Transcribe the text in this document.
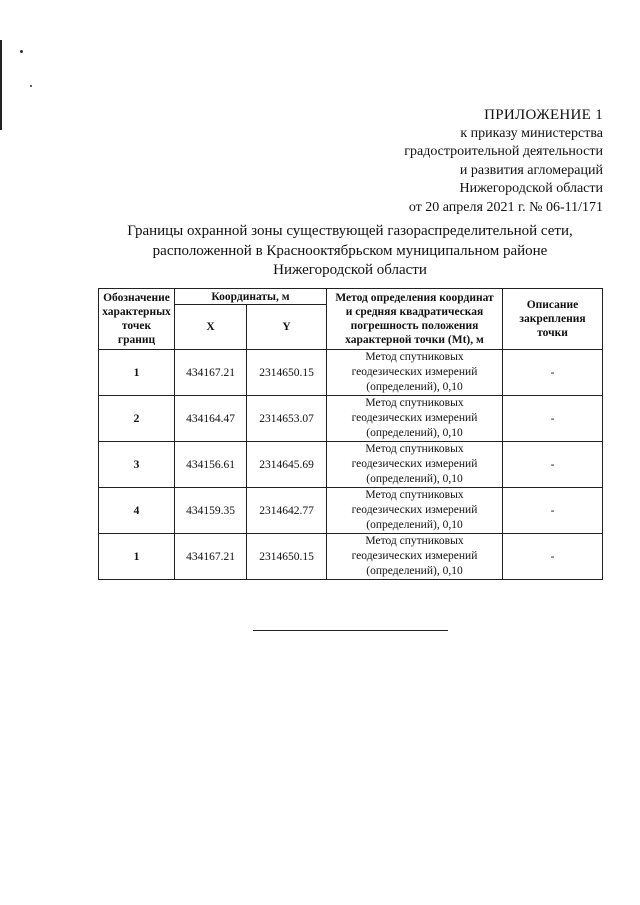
ПРИЛОЖЕНИЕ 1
к приказу министерства
градостроительной деятельности
и развития агломераций
Нижегородской области
от 20 апреля 2021 г. № 06-11/171
Границы охранной зоны существующей газораспределительной сети,
расположенной в Краснооктябрьском муниципальном районе
Нижегородской области
Обозначение
характерных
точек
границ	Координаты, м		Метод определения координат и средняя квадратическая погрешность положения характерной точки (Мt), м	Описание закрепления точки
	X	Y		
1	434167.21	2314650.15	Метод спутниковых
геодезических измерений
(определений), 0,10	-
2	434164.47	2314653.07	Метод спутниковых
геодезических измерений
(определений), 0,10	-
3	434156.61	2314645.69	Метод спутниковых
геодезических измерений
(определений), 0,10	-
4	434159.35	2314642.77	Метод спутниковых
геодезических измерений
(определений), 0,10	-
1	434167.21	2314650.15	Метод спутниковых
геодезических измерений
(определений), 0,10	-
